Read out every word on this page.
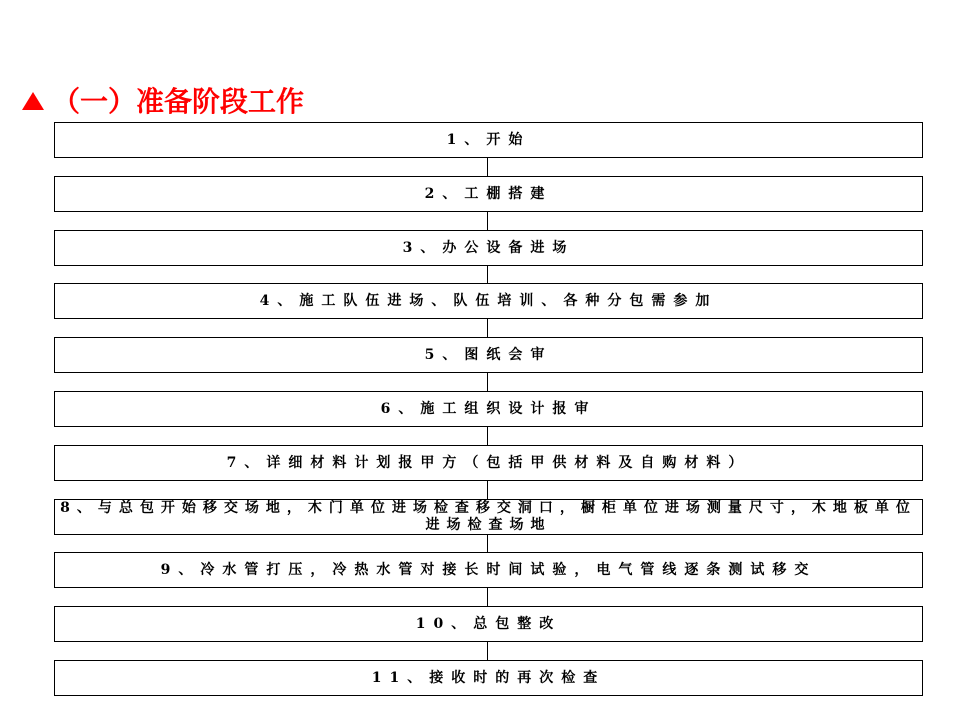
（一）准备阶段工作
1、开始
2、工棚搭建
3、办公设备进场
4、施工队伍进场、队伍培训、各种分包需参加
5、图纸会审
6、施工组织设计报审
7、详细材料计划报甲方（包括甲供材料及自购材料）
8、与总包开始移交场地，木门单位进场检查移交洞口，橱柜单位进场测量尺寸，木地板单位进场检查场地
9、冷水管打压，冷热水管对接长时间试验，电气管线逐条测试移交
10、总包整改
11、接收时的再次检查
